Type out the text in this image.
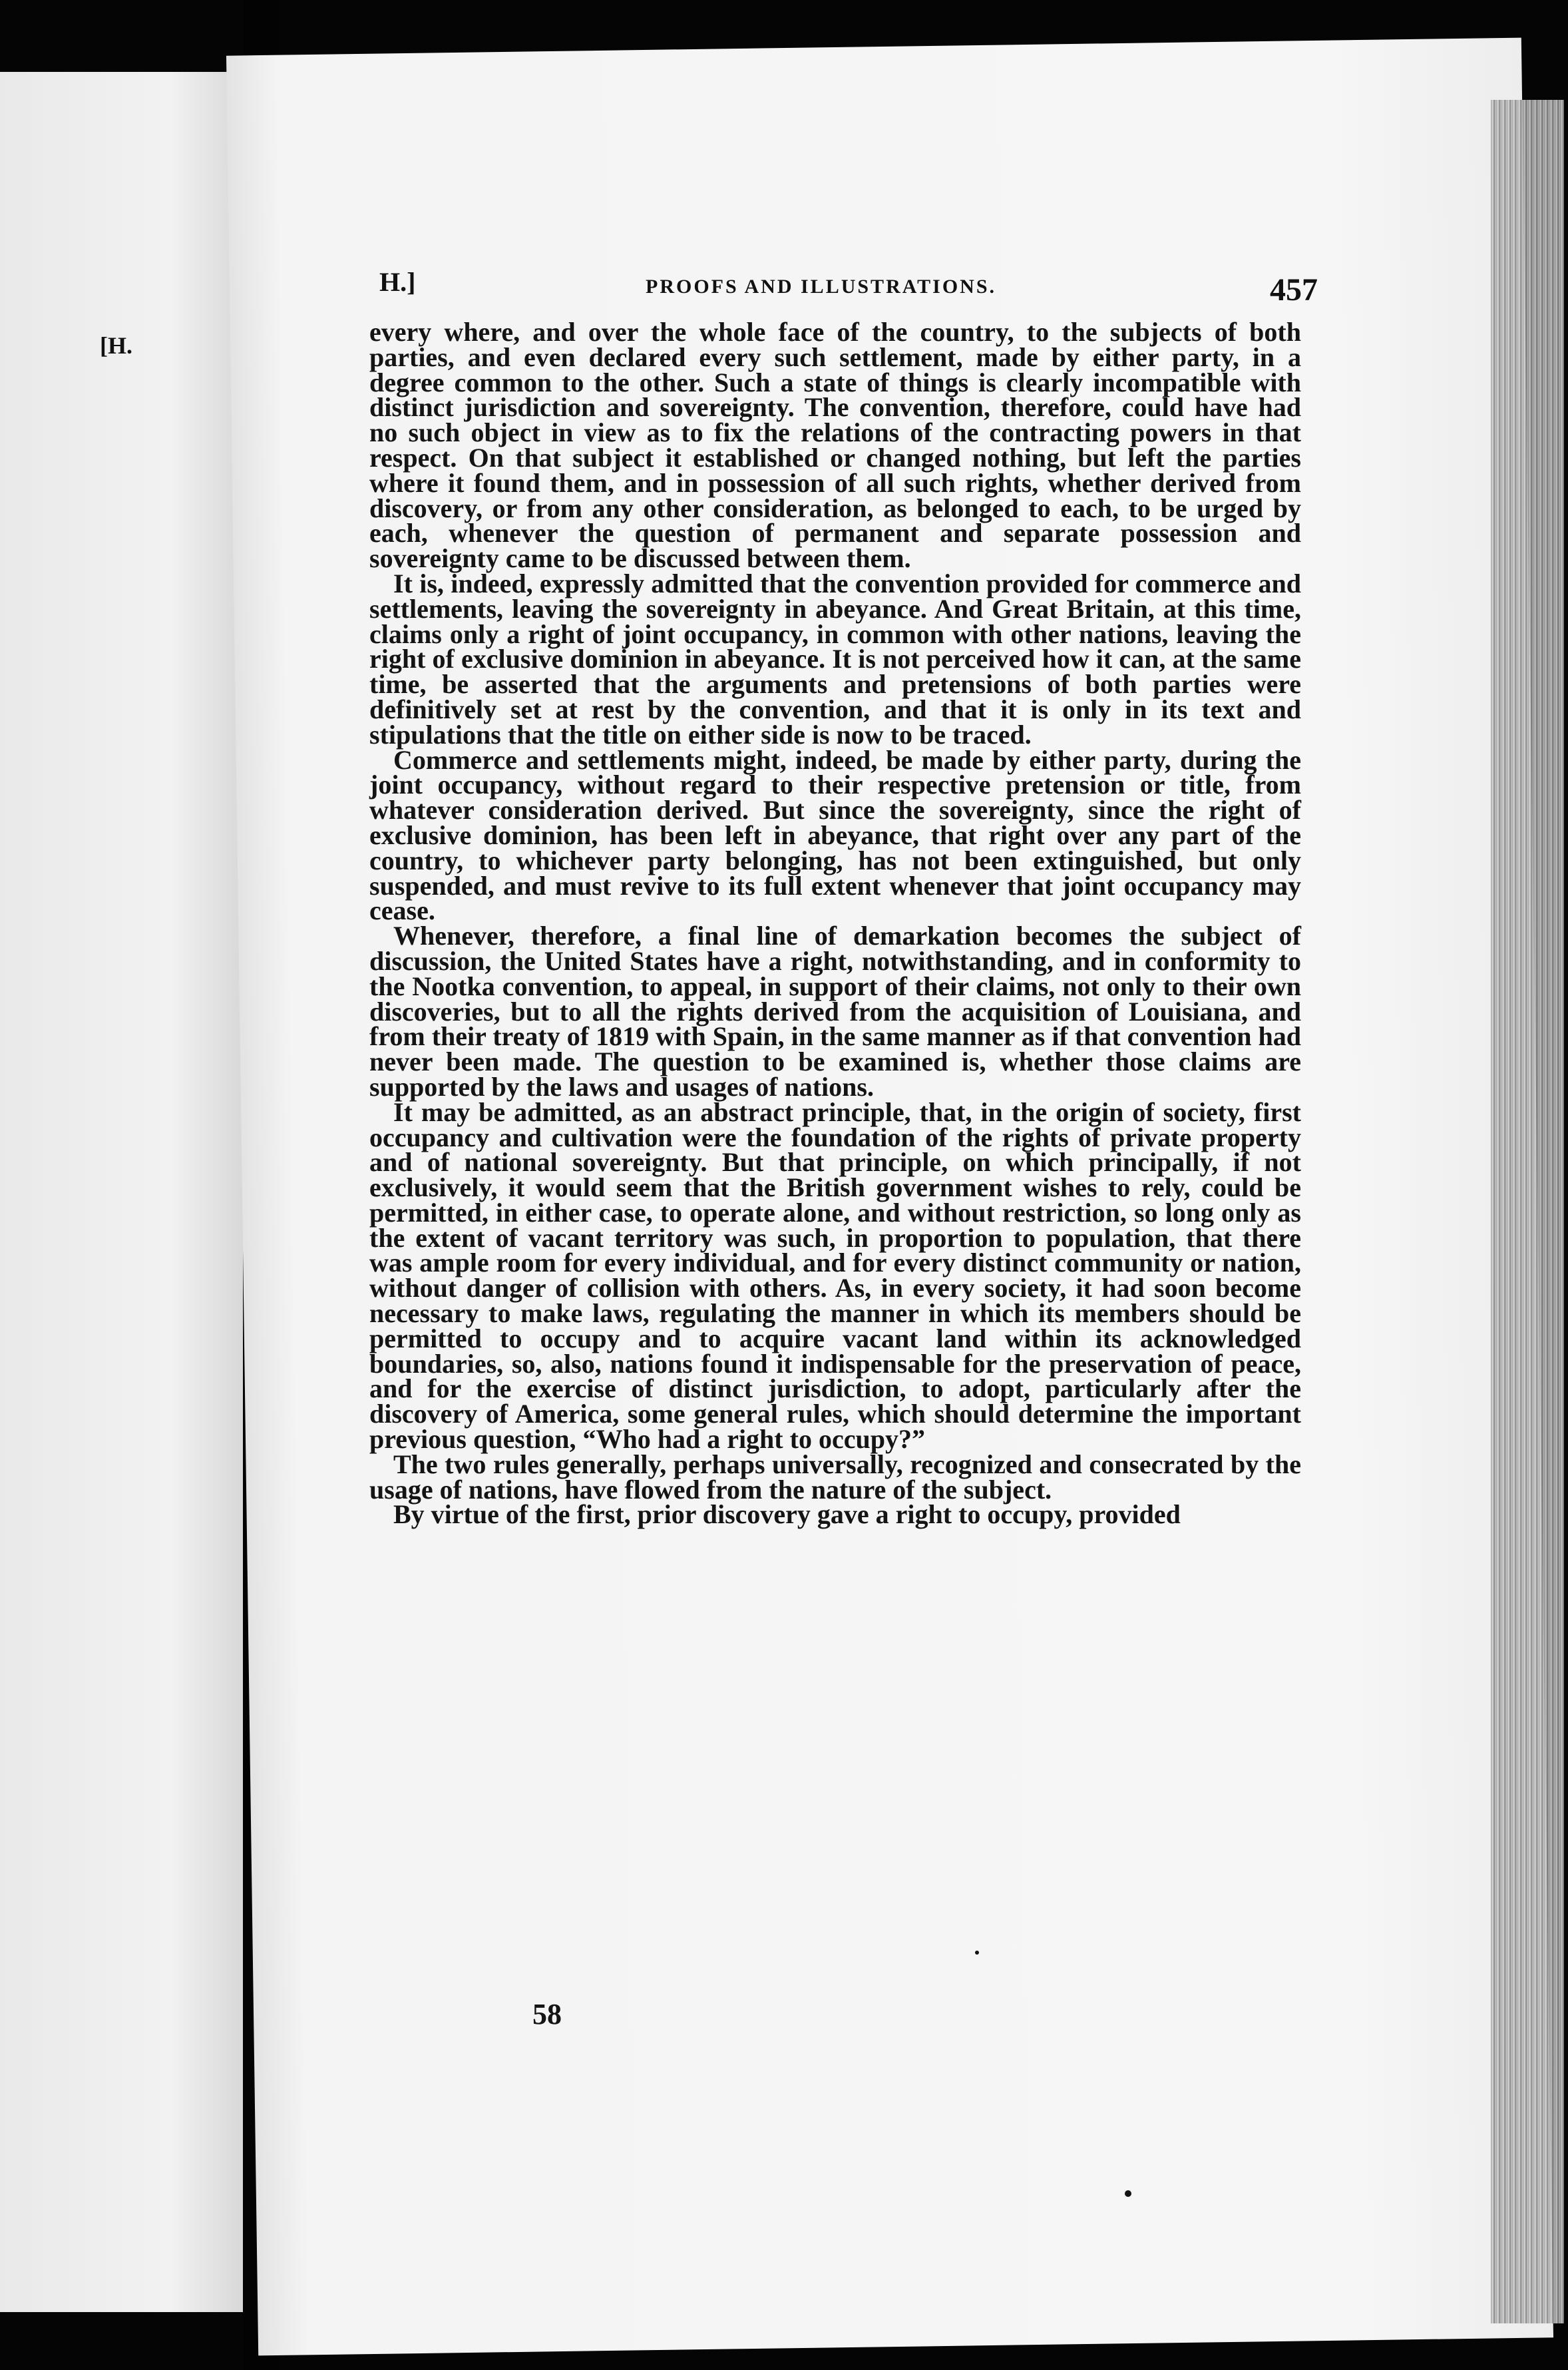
[H.
H.]	PROOFS AND ILLUSTRATIONS.	457

every where, and over the whole face of the country, to the subjects of both parties, and even declared every such settlement, made by either party, in a degree common to the other. Such a state of things is clearly incompatible with distinct jurisdiction and sovereignty. The convention, therefore, could have had no such object in view as to fix the relations of the contracting powers in that respect. On that subject it established or changed nothing, but left the parties where it found them, and in possession of all such rights, whether derived from discovery, or from any other consideration, as belonged to each, to be urged by each, whenever the question of permanent and separate possession and sovereignty came to be discussed between them.

It is, indeed, expressly admitted that the convention provided for commerce and settlements, leaving the sovereignty in abeyance. And Great Britain, at this time, claims only a right of joint occupancy, in common with other nations, leaving the right of exclusive dominion in abeyance. It is not perceived how it can, at the same time, be asserted that the arguments and pretensions of both parties were definitively set at rest by the convention, and that it is only in its text and stipulations that the title on either side is now to be traced.

Commerce and settlements might, indeed, be made by either party, during the joint occupancy, without regard to their respective pretension or title, from whatever consideration derived. But since the sovereignty, since the right of exclusive dominion, has been left in abeyance, that right over any part of the country, to whichever party belonging, has not been extinguished, but only suspended, and must revive to its full extent whenever that joint occupancy may cease.

Whenever, therefore, a final line of demarkation becomes the subject of discussion, the United States have a right, notwithstanding, and in conformity to the Nootka convention, to appeal, in support of their claims, not only to their own discoveries, but to all the rights derived from the acquisition of Louisiana, and from their treaty of 1819 with Spain, in the same manner as if that convention had never been made. The question to be examined is, whether those claims are supported by the laws and usages of nations.

It may be admitted, as an abstract principle, that, in the origin of society, first occupancy and cultivation were the foundation of the rights of private property and of national sovereignty. But that principle, on which principally, if not exclusively, it would seem that the British government wishes to rely, could be permitted, in either case, to operate alone, and without restriction, so long only as the extent of vacant territory was such, in proportion to population, that there was ample room for every individual, and for every distinct community or nation, without danger of collision with others. As, in every society, it had soon become necessary to make laws, regulating the manner in which its members should be permitted to occupy and to acquire vacant land within its acknowledged boundaries, so, also, nations found it indispensable for the preservation of peace, and for the exercise of distinct jurisdiction, to adopt, particularly after the discovery of America, some general rules, which should determine the important previous question, “Who had a right to occupy?”

The two rules generally, perhaps universally, recognized and consecrated by the usage of nations, have flowed from the nature of the subject.

By virtue of the first, prior discovery gave a right to occupy, provided

58
